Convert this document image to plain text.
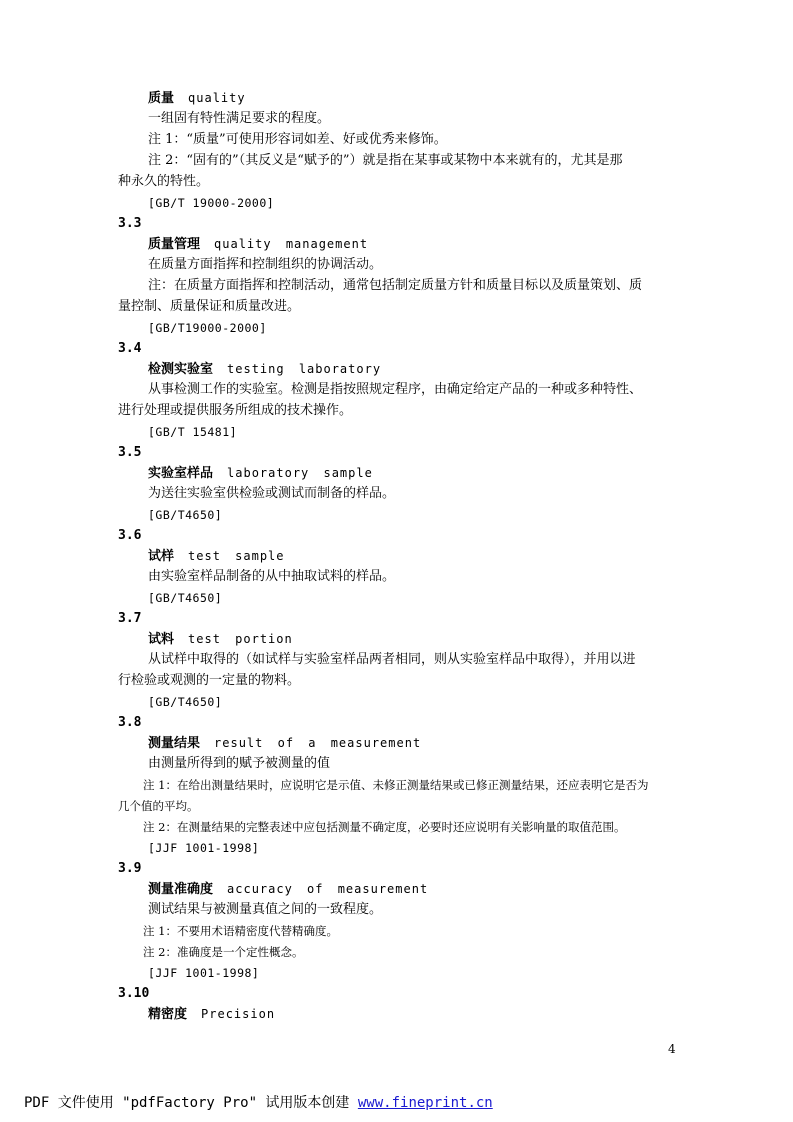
质量 quality
一组固有特性满足要求的程度。
注 1：“质量”可使用形容词如差、好或优秀来修饰。
注 2：“固有的”（其反义是“赋予的”）就是指在某事或某物中本来就有的，尤其是那
种永久的特性。
[GB/T 19000-2000]
3.3
质量管理 quality management
在质量方面指挥和控制组织的协调活动。
注：在质量方面指挥和控制活动，通常包括制定质量方针和质量目标以及质量策划、质
量控制、质量保证和质量改进。
[GB/T19000-2000]
3.4
检测实验室 testing laboratory
从事检测工作的实验室。检测是指按照规定程序，由确定给定产品的一种或多种特性、
进行处理或提供服务所组成的技术操作。
[GB/T 15481]
3.5
实验室样品 laboratory sample
为送往实验室供检验或测试而制备的样品。
[GB/T4650]
3.6
试样 test sample
由实验室样品制备的从中抽取试料的样品。
[GB/T4650]
3.7
试料 test portion
从试样中取得的（如试样与实验室样品两者相同，则从实验室样品中取得），并用以进
行检验或观测的一定量的物料。
[GB/T4650]
3.8
测量结果 result of a measurement
由测量所得到的赋予被测量的值
注 1：在给出测量结果时，应说明它是示值、未修正测量结果或已修正测量结果，还应表明它是否为
几个值的平均。
注 2：在测量结果的完整表述中应包括测量不确定度，必要时还应说明有关影响量的取值范围。
[JJF 1001-1998]
3.9
测量准确度 accuracy of measurement
测试结果与被测量真值之间的一致程度。
注 1：不要用术语精密度代替精确度。
注 2：准确度是一个定性概念。
[JJF 1001-1998]
3.10
精密度 Precision
4
PDF 文件使用 "pdfFactory Pro" 试用版本创建 www.fineprint.cn
